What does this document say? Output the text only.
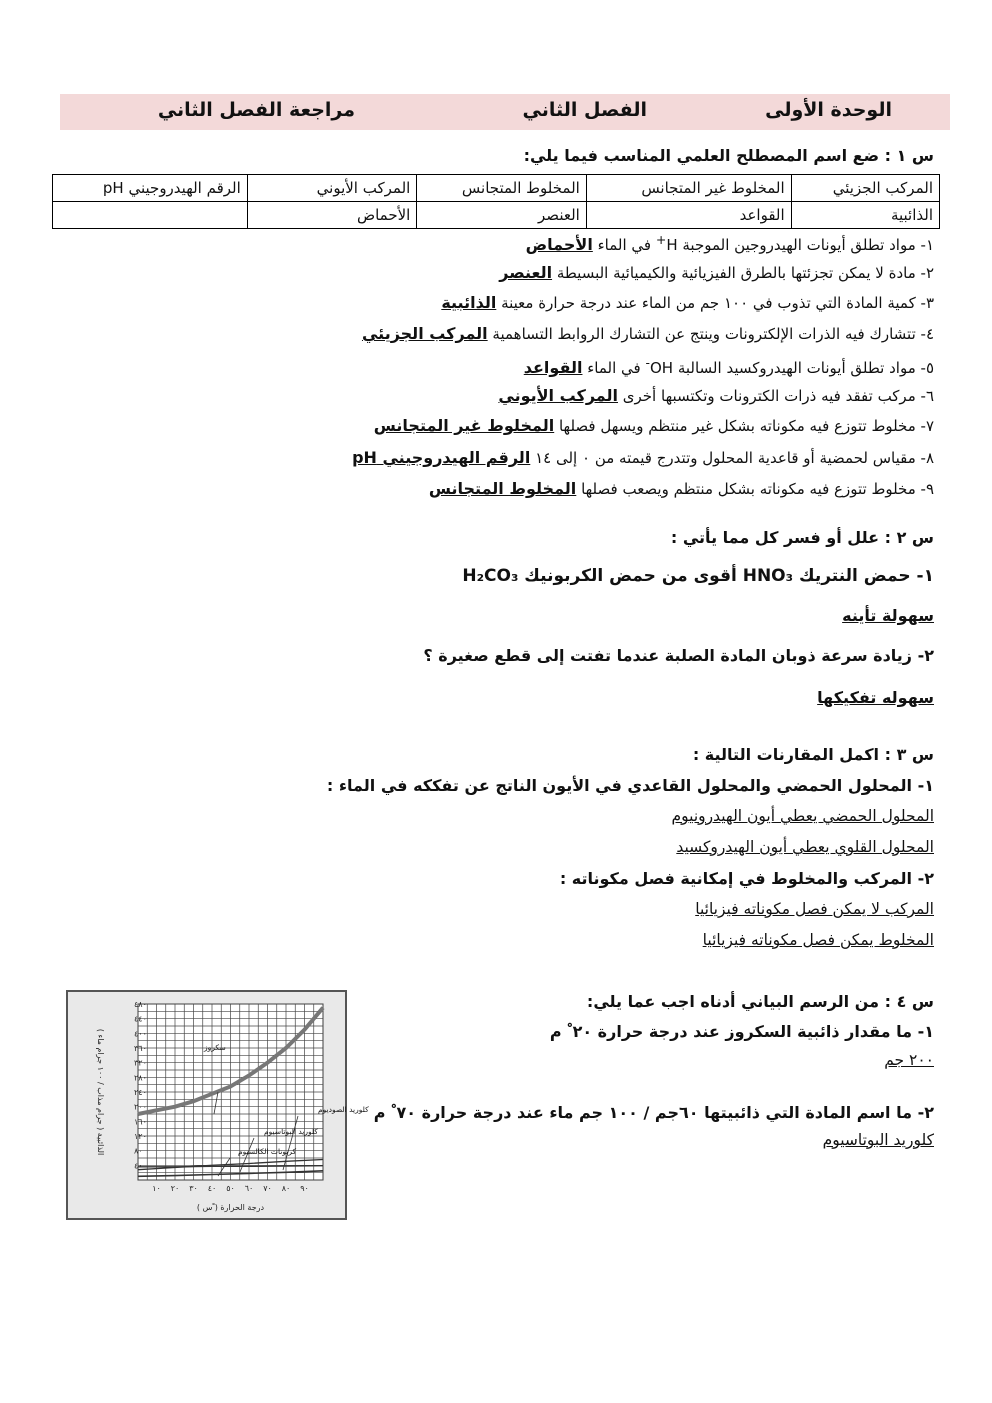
الوحدة الأولى
الفصل الثاني
مراجعة الفصل الثاني
س ١ : ضع اسم المصطلح العلمي المناسب فيما يلي:
المركب الجزيئي	المخلوط غير المتجانس	المخلوط المتجانس	المركب الأيوني	الرقم الهيدروجيني pH
الذائبية	القواعد	العنصر	الأحماض	
١- مواد تطلق أيونات الهيدروجين الموجبة H+ في الماء الأحماض
٢- مادة لا يمكن تجزئتها بالطرق الفيزيائية والكيميائية البسيطة العنصر
٣- كمية المادة التي تذوب في ١٠٠ جم من الماء عند درجة حرارة معينة الذائبية
٤- تتشارك فيه الذرات الإلكترونات وينتج عن التشارك الروابط التساهمية المركب الجزيئي
٥- مواد تطلق أيونات الهيدروكسيد السالبة OH- في الماء القواعد
٦- مركب تفقد فيه ذرات الكترونات وتكتسبها أخرى المركب الأيوني
٧- مخلوط تتوزع فيه مكوناته بشكل غير منتظم ويسهل فصلها المخلوط غير المتجانس
٨- مقياس لحمضية أو قاعدية المحلول وتتدرج قيمته من ٠ إلى ١٤ الرقم الهيدروجيني pH
٩- مخلوط تتوزع فيه مكوناته بشكل منتظم ويصعب فصلها المخلوط المتجانس
س ٢ : علل أو فسر كل مما يأتي :
١- حمض النتريك HNO₃ أقوى من حمض الكربونيك H₂CO₃
سهولة تأينه
٢- زيادة سرعة ذوبان المادة الصلبة عندما تفتت إلى قطع صغيرة ؟
سهوله تفكيكها
س ٣ : اكمل المقارنات التالية :
١- المحلول الحمضي والمحلول القاعدي في الأيون الناتج عن تفككه في الماء :
المحلول الحمضي يعطي أيون الهيدرونيوم
المحلول القلوي يعطي أيون الهيدروكسيد
٢- المركب والمخلوط في إمكانية فصل مكوناته :
المركب لا يمكن فصل مكوناته فيزيائيا
المخلوط يمكن فصل مكوناته فيزيائيا
س ٤ : من الرسم البياني أدناه اجب عما يلي:
١- ما مقدار ذائبية السكروز عند درجة حرارة ٢٠ ْ م
٢٠٠ جم
٢- ما اسم المادة التي ذائبيتها ٦٠جم / ١٠٠ جم ماء عند درجة حرارة ٧٠ ْ م
كلوريد البوتاسيوم
٤٨٠
٤٤٠
٤٠٠
٣٦٠
٣٢٠
٢٨٠
٢٤٠
٢٠٠
١٦٠
١٢٠
٨٠
٤٠
١٠ ٢٠ ٣٠ ٤٠ ٥٠ ٦٠ ٧٠ ٨٠ ٩٠
درجة الحرارة ( ْس )
الذائبية ( جرام مذاب / ١٠٠ جرام ماء )
سكروز
كلوريد الصوديوم
كلوريد البوتاسيوم
كربونات الكالسيوم
